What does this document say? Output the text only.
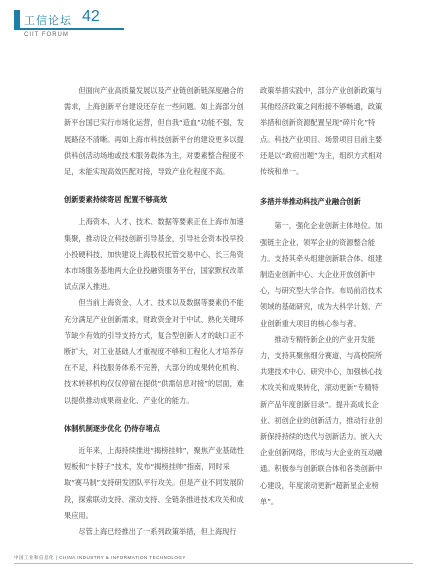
工信论坛 42
CIIT FORUM

但面向产业高质量发展以及产业链创新链深度融合的需求，上海创新平台建设还存在一些问题。如上海部分创新平台国已实行市场化运营，但自我“造血”功能不强，发展路径不清晰。再如上海市科技创新平台的建设更多以提供科创活动场地或技术服务载体为主，对要素整合程度不足，未能实现高效匹配对接，导致产业化程度不高。

创新要素持续寄居 配置不够高效

上海资本、人才、技术、数据等要素正在上海市加速集聚，推动设立科技创新引导基金，引导社会资本投早投小投硬科技，加快建设上海股权托管交易中心、长三角资本市场服务基地两大企业投融资服务平台，国家默权改革试点深入推进。

但当前上海资金、人才、技术以及数据等要素仍不能充分满足产业创新需求，财政资金对于中试、熟化关键环节缺少有效的引导支持方式，复合型创新人才的缺口正不断扩大，对工业基础人才重视度不够和工程化人才培养存在不足，科技服务体系不完善，大部分的成果转化机构、技术转移机构仅仅停留在提供“供需信息对接”的层面，难以提供推动成果商业化、产业化的能力。

体制机制逐步优化 仍待存堵点

近年来，上海持续推进“揭榜挂帅”，聚焦产业基础性短板和“卡脖子”技术，发布“揭榜挂帅”指南，同时采取“赛马制”支持研发团队平行攻关。但是产业不同发展阶段，探索联动支持、滚动支持、全链条推进技术攻关和成果应用。

尽管上海已经推出了一系列政策举措，但上海现行

政策举措实践中，部分产业创新政策与其他经济政策之间衔接不够畅通，政策举措和创新资源配置呈现“碎片化”特点。科技产业项目、场景项目目前主要还是以“政府出题”为主，组织方式相对传统和单一。

多措并举推动科技产业融合创新

第一，强化企业创新主体地位。加强链主企业、领军企业的资源整合能力。支持其牵头组建创新联合体。组建制造业创新中心、大企业开放创新中心，与研究型大学合作。布局前沿技术领域的基础研究，成为大科学计划、产业创新重大项目的核心参与者。

推动专精特新企业的产业开发能力，支持其聚焦细分赛道，与高校院所共建技术中心、研究中心，加强核心技术攻关和成果转化，滚动更新“专精特新产品年度创新目录”。提升高成长企业、初创企业的创新活力，推动行业创新保持持续的迭代与创新活力。嵌入大企业创新网络，形成与大企业的互动融通。积极参与创新联合体和各类创新中心建设，年度滚动更新“超新星企业榜单”。

中国工业和信息化 | CHINA INDUSTRY & INFORMATION TECHNOLOGY
